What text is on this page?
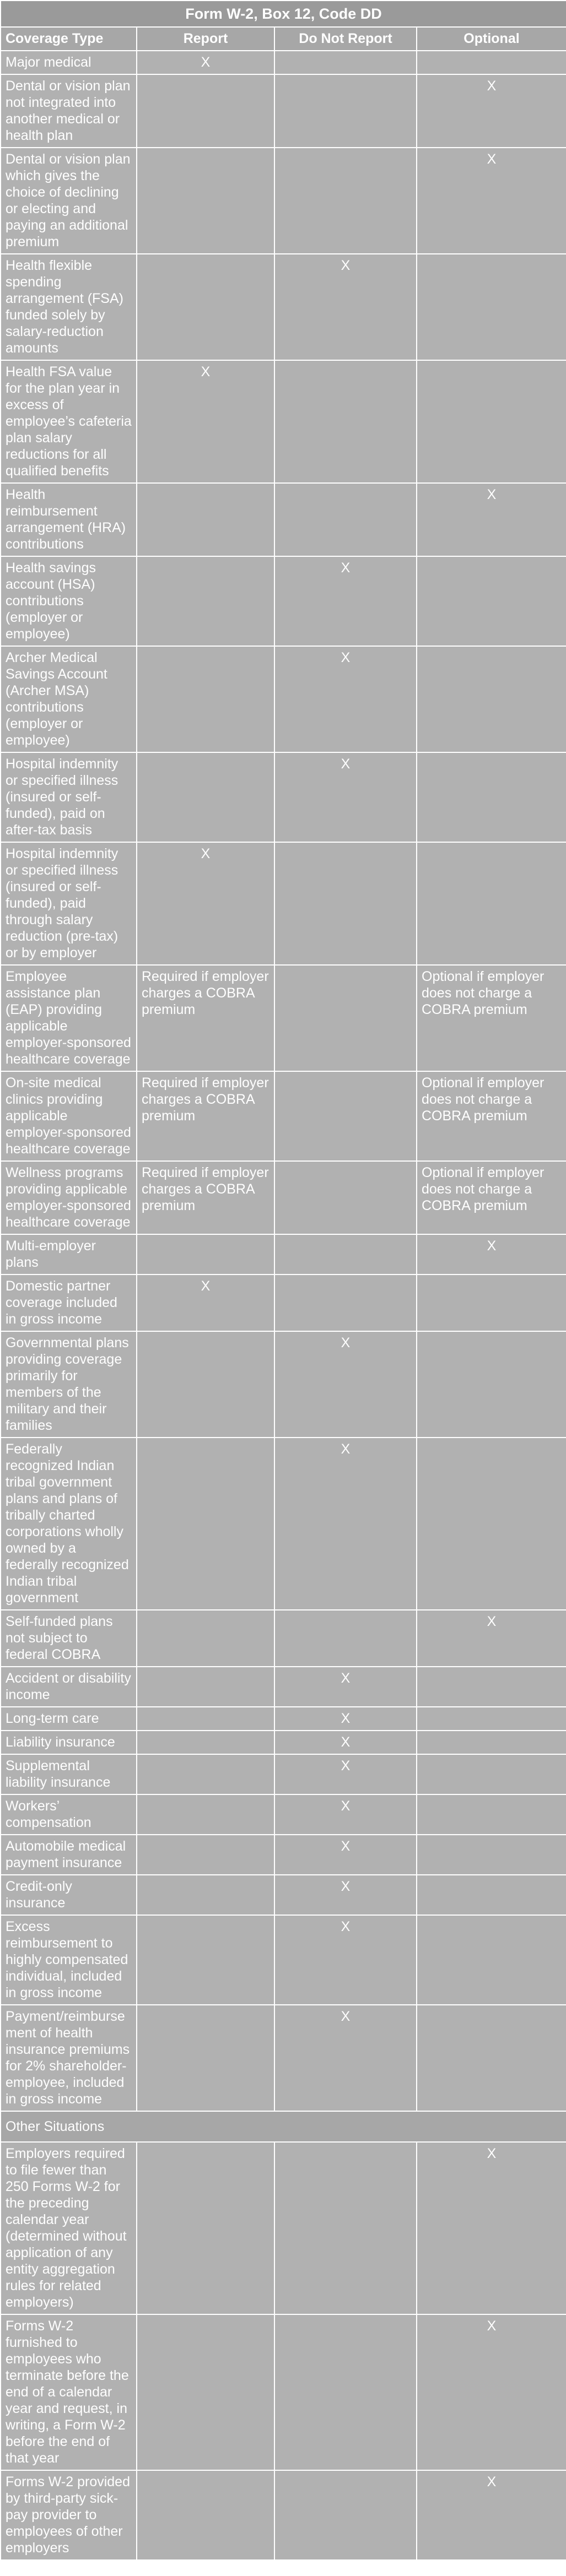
Form W-2, Box 12, Code DD			
Coverage Type	Report	Do Not Report	Optional
Major medical	X		
Dental or vision plan not integrated into another medical or health plan			X
Dental or vision plan which gives the choice of declining or electing and paying an additional premium			X
Health flexible spending arrangement (FSA) funded solely by salary-reduction amounts		X	
Health FSA value for the plan year in excess of employee’s cafeteria plan salary reductions for all qualified benefits	X		
Health reimbursement arrangement (HRA) contributions			X
Health savings account (HSA) contributions (employer or employee)		X	
Archer Medical Savings Account (Archer MSA) contributions (employer or employee)		X	
Hospital indemnity or specified illness (insured or self-funded), paid on after-tax basis		X	
Hospital indemnity or specified illness (insured or self-funded), paid through salary reduction (pre-tax) or by employer	X		
Employee assistance plan (EAP) providing applicable employer-sponsored healthcare coverage	Required if employer charges a COBRA premium		Optional if employer does not charge a COBRA premium
On-site medical clinics providing applicable employer-sponsored healthcare coverage	Required if employer charges a COBRA premium		Optional if employer does not charge a COBRA premium
Wellness programs providing applicable employer-sponsored healthcare coverage	Required if employer charges a COBRA premium		Optional if employer does not charge a COBRA premium
Multi-employer plans			X
Domestic partner coverage included in gross income	X		
Governmental plans providing coverage primarily for members of the military and their families		X	
Federally recognized Indian tribal government plans and plans of tribally charted corporations wholly owned by a federally recognized Indian tribal government		X	
Self-funded plans not subject to federal COBRA			X
Accident or disability income		X	
Long-term care		X	
Liability insurance		X	
Supplemental liability insurance		X	
Workers’ compensation		X	
Automobile medical payment insurance		X	
Credit-only insurance		X	
Excess reimbursement to highly compensated individual, included in gross income		X	
Payment/reimbursement of health insurance premiums for 2% shareholder-employee, included in gross income		X	
Other Situations			
Employers required to file fewer than 250 Forms W-2 for the preceding calendar year (determined without application of any entity aggregation rules for related employers)			X
Forms W-2 furnished to employees who terminate before the end of a calendar year and request, in writing, a Form W-2 before the end of that year			X
Forms W-2 provided by third-party sick-pay provider to employees of other employers			X
